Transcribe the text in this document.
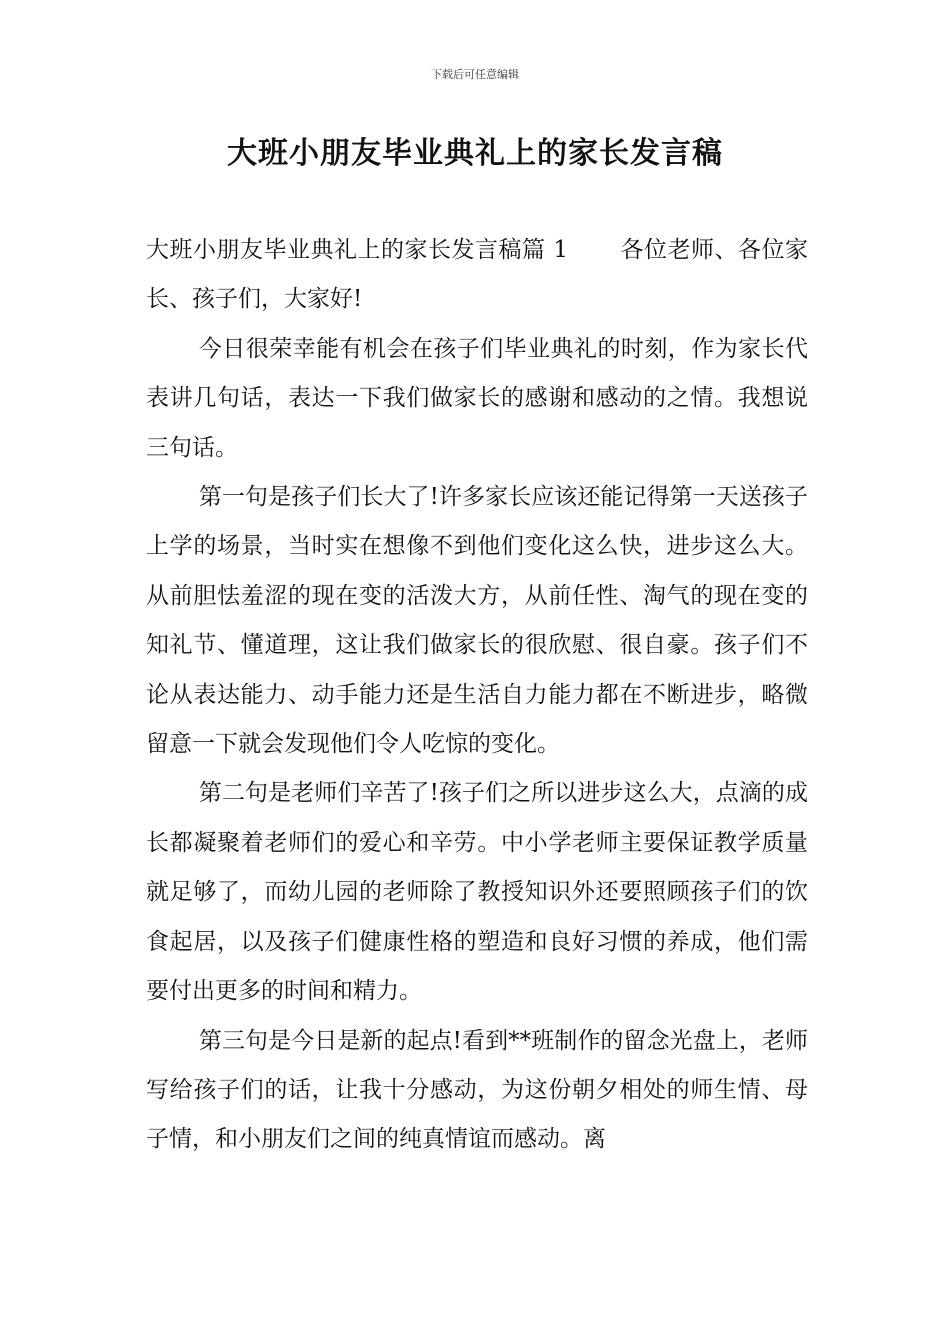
下载后可任意编辑
大班小朋友毕业典礼上的家长发言稿

大班小朋友毕业典礼上的家长发言稿篇 1 各位老师、各位家长、孩子们，大家好!

今日很荣幸能有机会在孩子们毕业典礼的时刻，作为家长代表讲几句话，表达一下我们做家长的感谢和感动的之情。我想说三句话。

第一句是孩子们长大了!许多家长应该还能记得第一天送孩子上学的场景，当时实在想像不到他们变化这么快，进步这么大。从前胆怯羞涩的现在变的活泼大方，从前任性、淘气的现在变的知礼节、懂道理，这让我们做家长的很欣慰、很自豪。孩子们不论从表达能力、动手能力还是生活自力能力都在不断进步，略微留意一下就会发现他们令人吃惊的变化。

第二句是老师们辛苦了!孩子们之所以进步这么大，点滴的成长都凝聚着老师们的爱心和辛劳。中小学老师主要保证教学质量就足够了，而幼儿园的老师除了教授知识外还要照顾孩子们的饮食起居，以及孩子们健康性格的塑造和良好习惯的养成，他们需要付出更多的时间和精力。

第三句是今日是新的起点!看到**班制作的留念光盘上，老师写给孩子们的话，让我十分感动，为这份朝夕相处的师生情、母子情，和小朋友们之间的纯真情谊而感动。离
